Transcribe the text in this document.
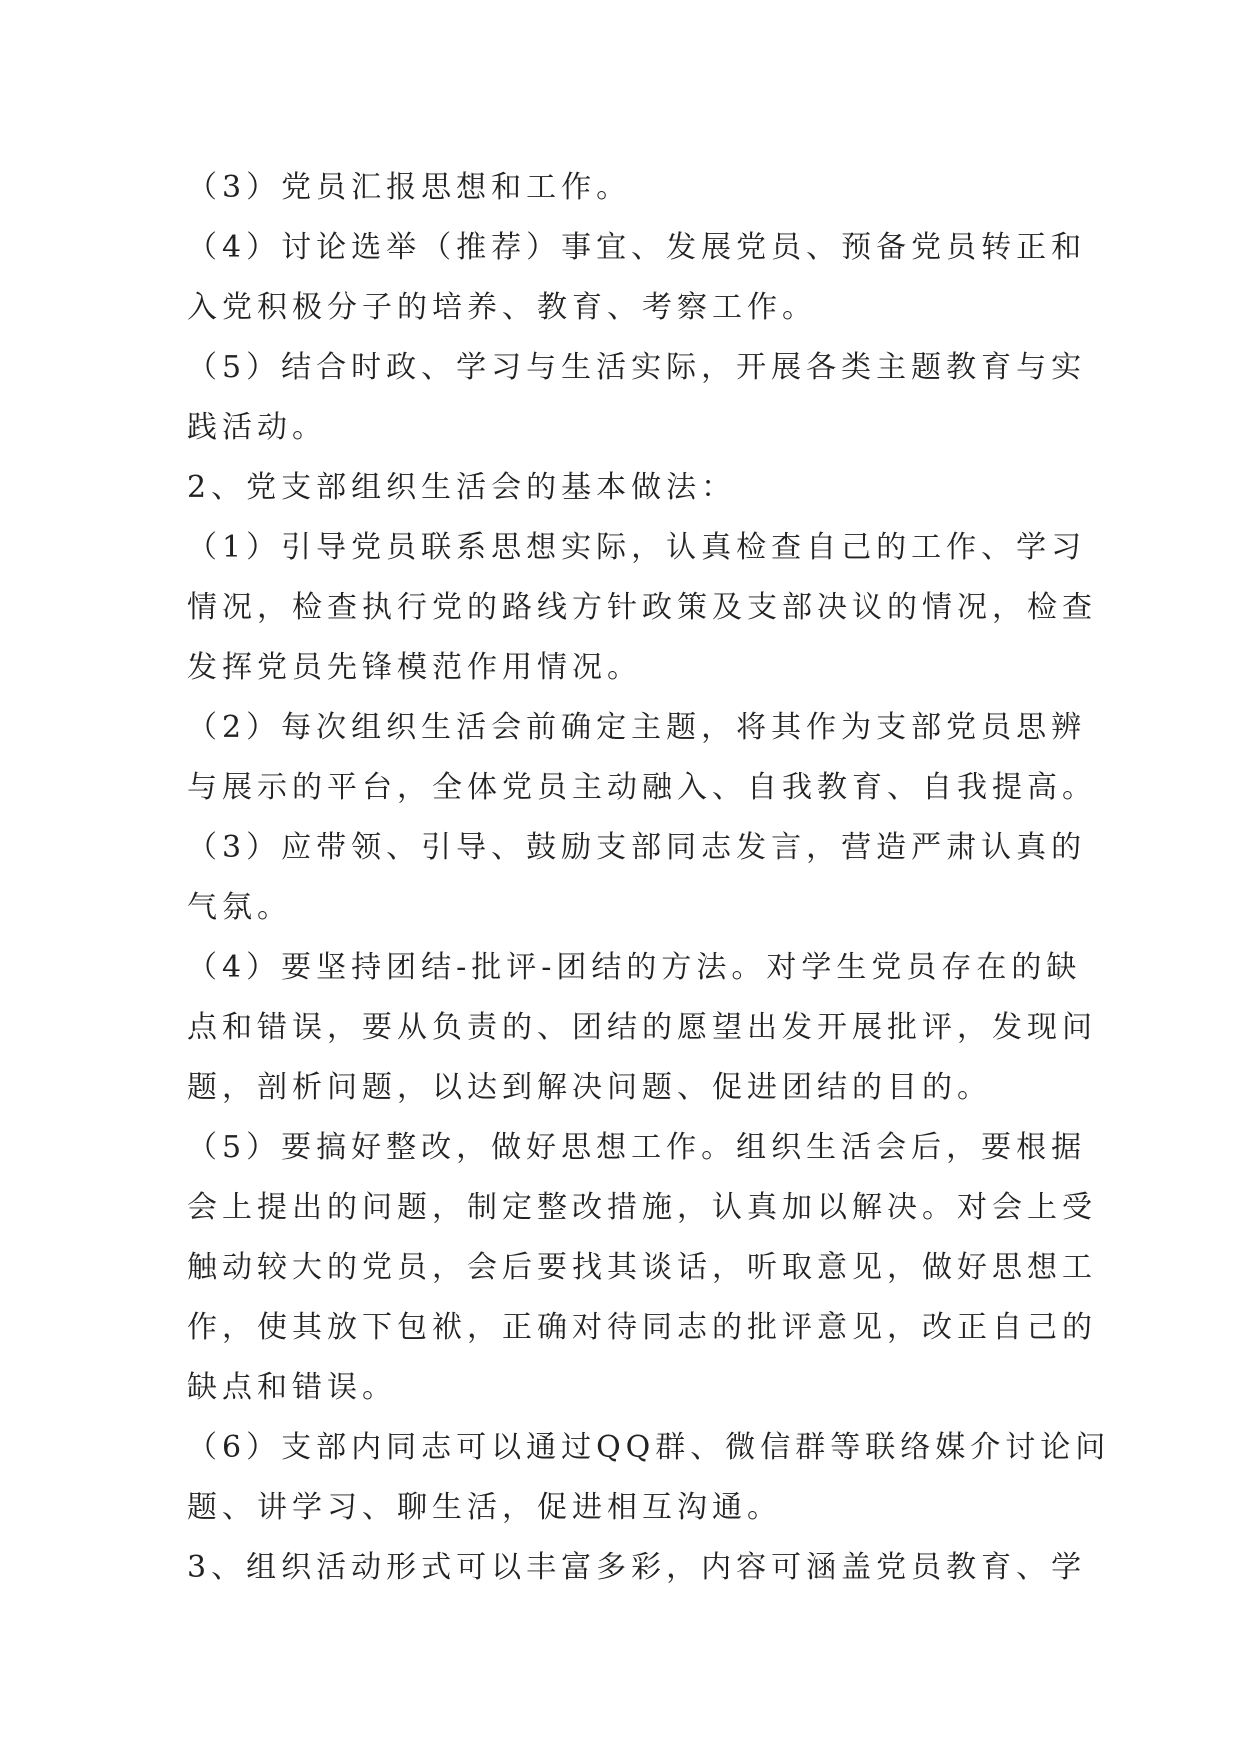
（3）党员汇报思想和工作。
（4）讨论选举（推荐）事宜、发展党员、预备党员转正和
入党积极分子的培养、教育、考察工作。
（5）结合时政、学习与生活实际，开展各类主题教育与实
践活动。
2、党支部组织生活会的基本做法：
（1）引导党员联系思想实际，认真检查自己的工作、学习
情况，检查执行党的路线方针政策及支部决议的情况，检查
发挥党员先锋模范作用情况。
（2）每次组织生活会前确定主题，将其作为支部党员思辨
与展示的平台，全体党员主动融入、自我教育、自我提高。
（3）应带领、引导、鼓励支部同志发言，营造严肃认真的
气氛。
（4）要坚持团结-批评-团结的方法。对学生党员存在的缺
点和错误，要从负责的、团结的愿望出发开展批评，发现问
题，剖析问题，以达到解决问题、促进团结的目的。
（5）要搞好整改，做好思想工作。组织生活会后，要根据
会上提出的问题，制定整改措施，认真加以解决。对会上受
触动较大的党员，会后要找其谈话，听取意见，做好思想工
作，使其放下包袱，正确对待同志的批评意见，改正自己的
缺点和错误。
（6）支部内同志可以通过QQ群、微信群等联络媒介讨论问
题、讲学习、聊生活，促进相互沟通。
3、组织活动形式可以丰富多彩，内容可涵盖党员教育、学
